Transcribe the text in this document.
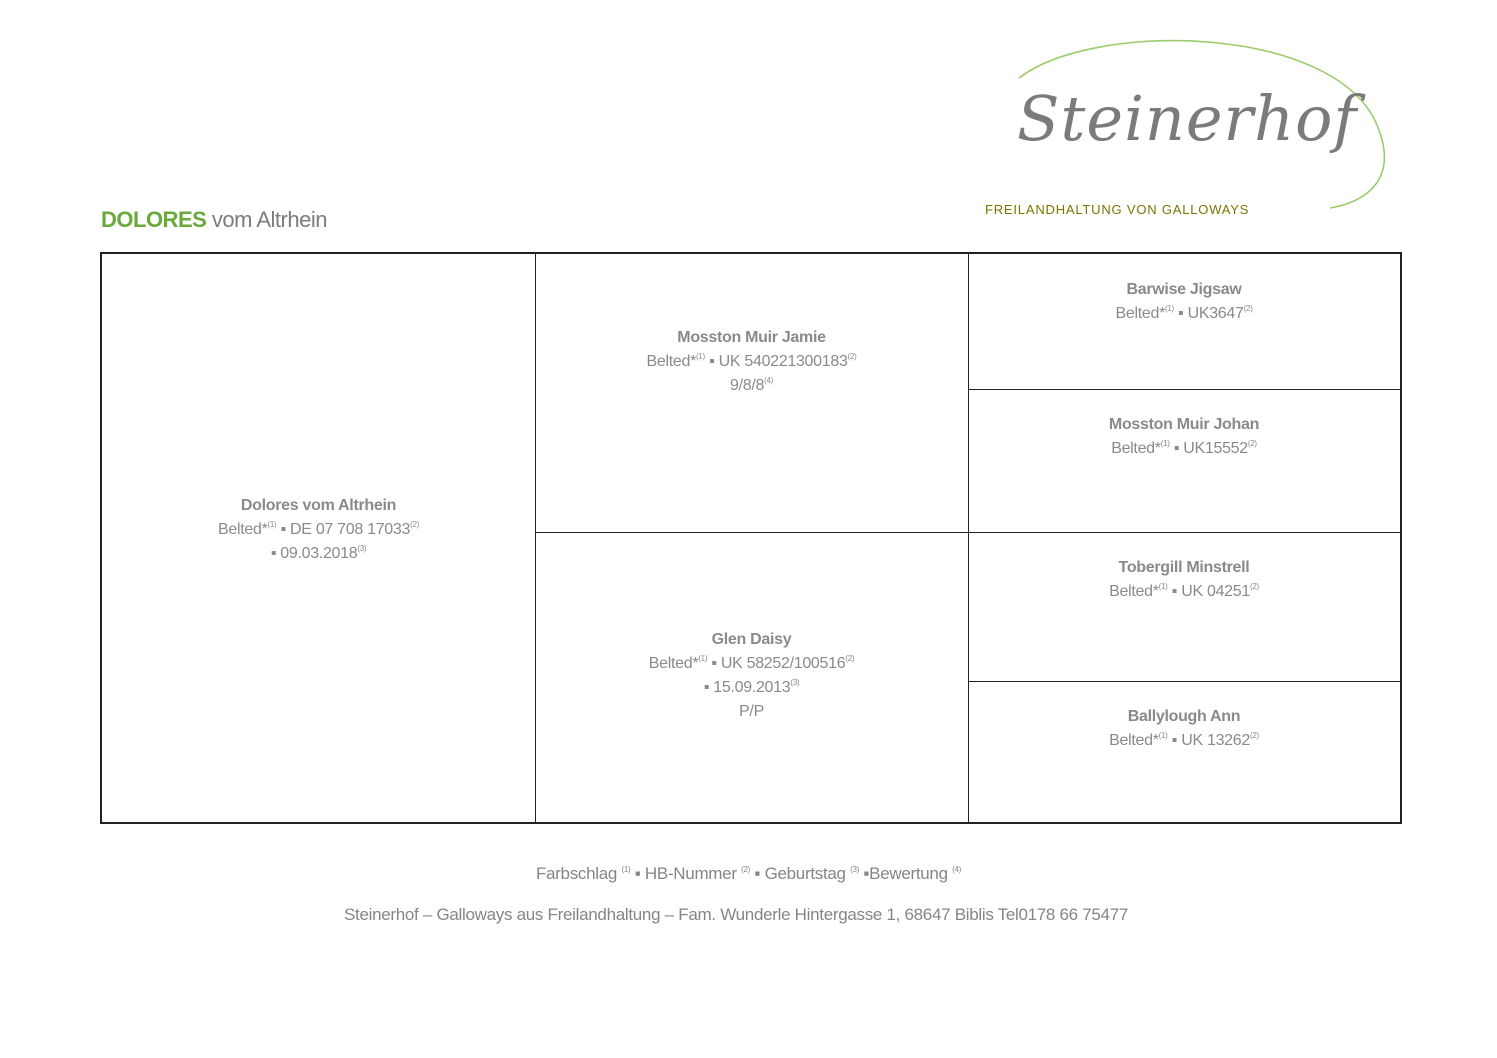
Steinerhof
FREILANDHALTUNG VON GALLOWAYS
DOLORES vom Altrhein
Dolores vom Altrhein
Belted*$^{(1)}$ ▪ DE 07 708 17033$^{(2)}$
▪ 09.03.2018$^{(3)}$
Mosston Muir Jamie
Belted*$^{(1)}$ ▪ UK 540221300183$^{(2)}$
9/8/8$^{(4)}$
Glen Daisy
Belted*$^{(1)}$ ▪ UK 58252/100516$^{(2)}$
▪ 15.09.2013$^{(3)}$
P/P
Barwise Jigsaw
Belted*$^{(1)}$ ▪ UK3647$^{(2)}$
Mosston Muir Johan
Belted*$^{(1)}$ ▪ UK15552$^{(2)}$
Tobergill Minstrell
Belted*$^{(1)}$ ▪ UK 04251$^{(2)}$
Ballylough Ann
Belted*$^{(1)}$ ▪ UK 13262$^{(2)}$
Farbschlag $^{(1)}$ ▪ HB-Nummer $^{(2)}$ ▪ Geburtstag $^{(3)}$ ▪Bewertung $^{(4)}$
Steinerhof – Galloways aus Freilandhaltung – Fam. Wunderle Hintergasse 1, 68647 Biblis Tel0178 66 75477
